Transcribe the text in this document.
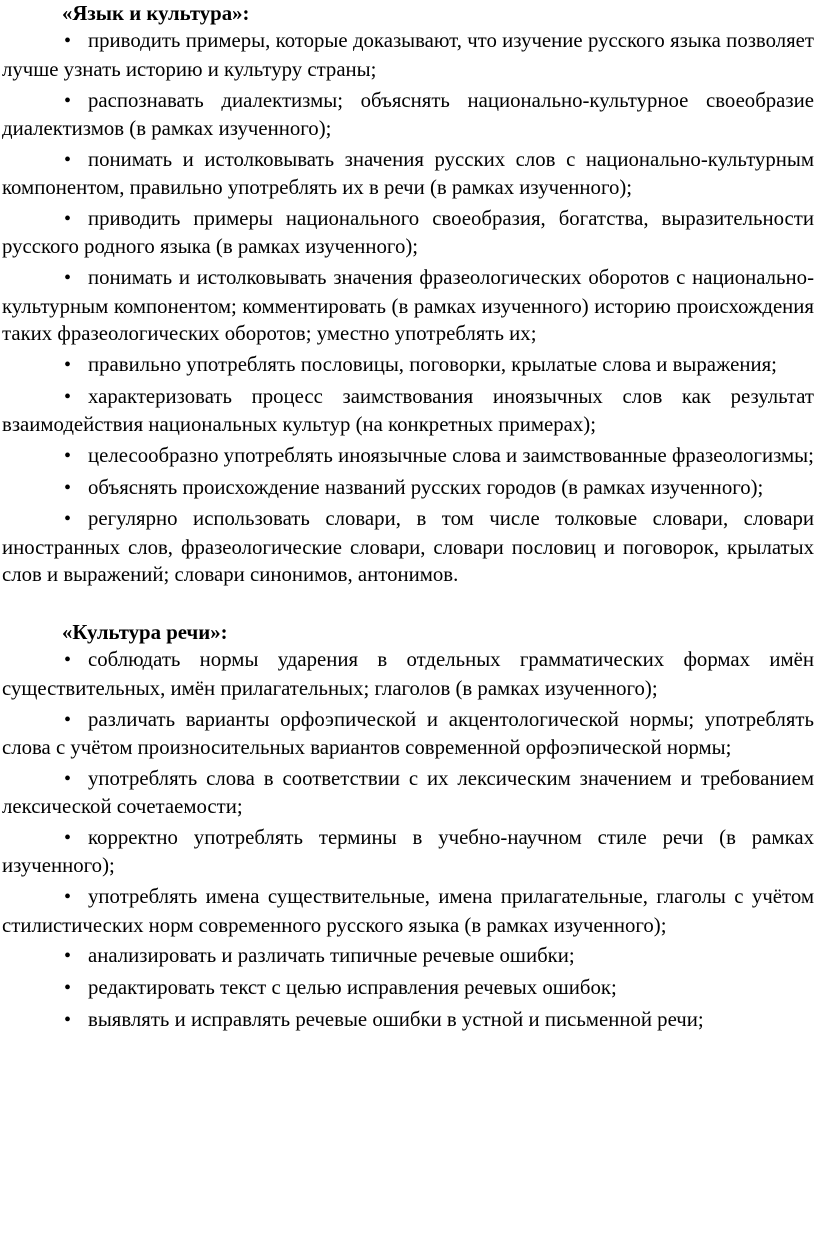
«Язык и культура»:

• приводить примеры, которые доказывают, что изучение русского языка позволяет лучше узнать историю и культуру страны;
• распознавать диалектизмы; объяснять национально-культурное своеобразие диалектизмов (в рамках изученного);
• понимать и истолковывать значения русских слов с национально-культурным компонентом, правильно употреблять их в речи (в рамках изученного);
• приводить примеры национального своеобразия, богатства, выразительности русского родного языка (в рамках изученного);
• понимать и истолковывать значения фразеологических оборотов с национально-культурным компонентом; комментировать (в рамках изученного) историю происхождения таких фразеологических оборотов; уместно употреблять их;
• правильно употреблять пословицы, поговорки, крылатые слова и выражения;
• характеризовать процесс заимствования иноязычных слов как результат взаимодействия национальных культур (на конкретных примерах);
• целесообразно употреблять иноязычные слова и заимствованные фразеологизмы;
• объяснять происхождение названий русских городов (в рамках изученного);
• регулярно использовать словари, в том числе толковые словари, словари иностранных слов, фразеологические словари, словари пословиц и поговорок, крылатых слов и выражений; словари синонимов, антонимов.

«Культура речи»:

• соблюдать нормы ударения в отдельных грамматических формах имён существительных, имён прилагательных; глаголов (в рамках изученного);
• различать варианты орфоэпической и акцентологической нормы; употреблять слова с учётом произносительных вариантов современной орфоэпической нормы;
• употреблять слова в соответствии с их лексическим значением и требованием лексической сочетаемости;
• корректно употреблять термины в учебно-научном стиле речи (в рамках изученного);
• употреблять имена существительные, имена прилагательные, глаголы с учётом стилистических норм современного русского языка (в рамках изученного);
• анализировать и различать типичные речевые ошибки;
• редактировать текст с целью исправления речевых ошибок;
• выявлять и исправлять речевые ошибки в устной и письменной речи;
